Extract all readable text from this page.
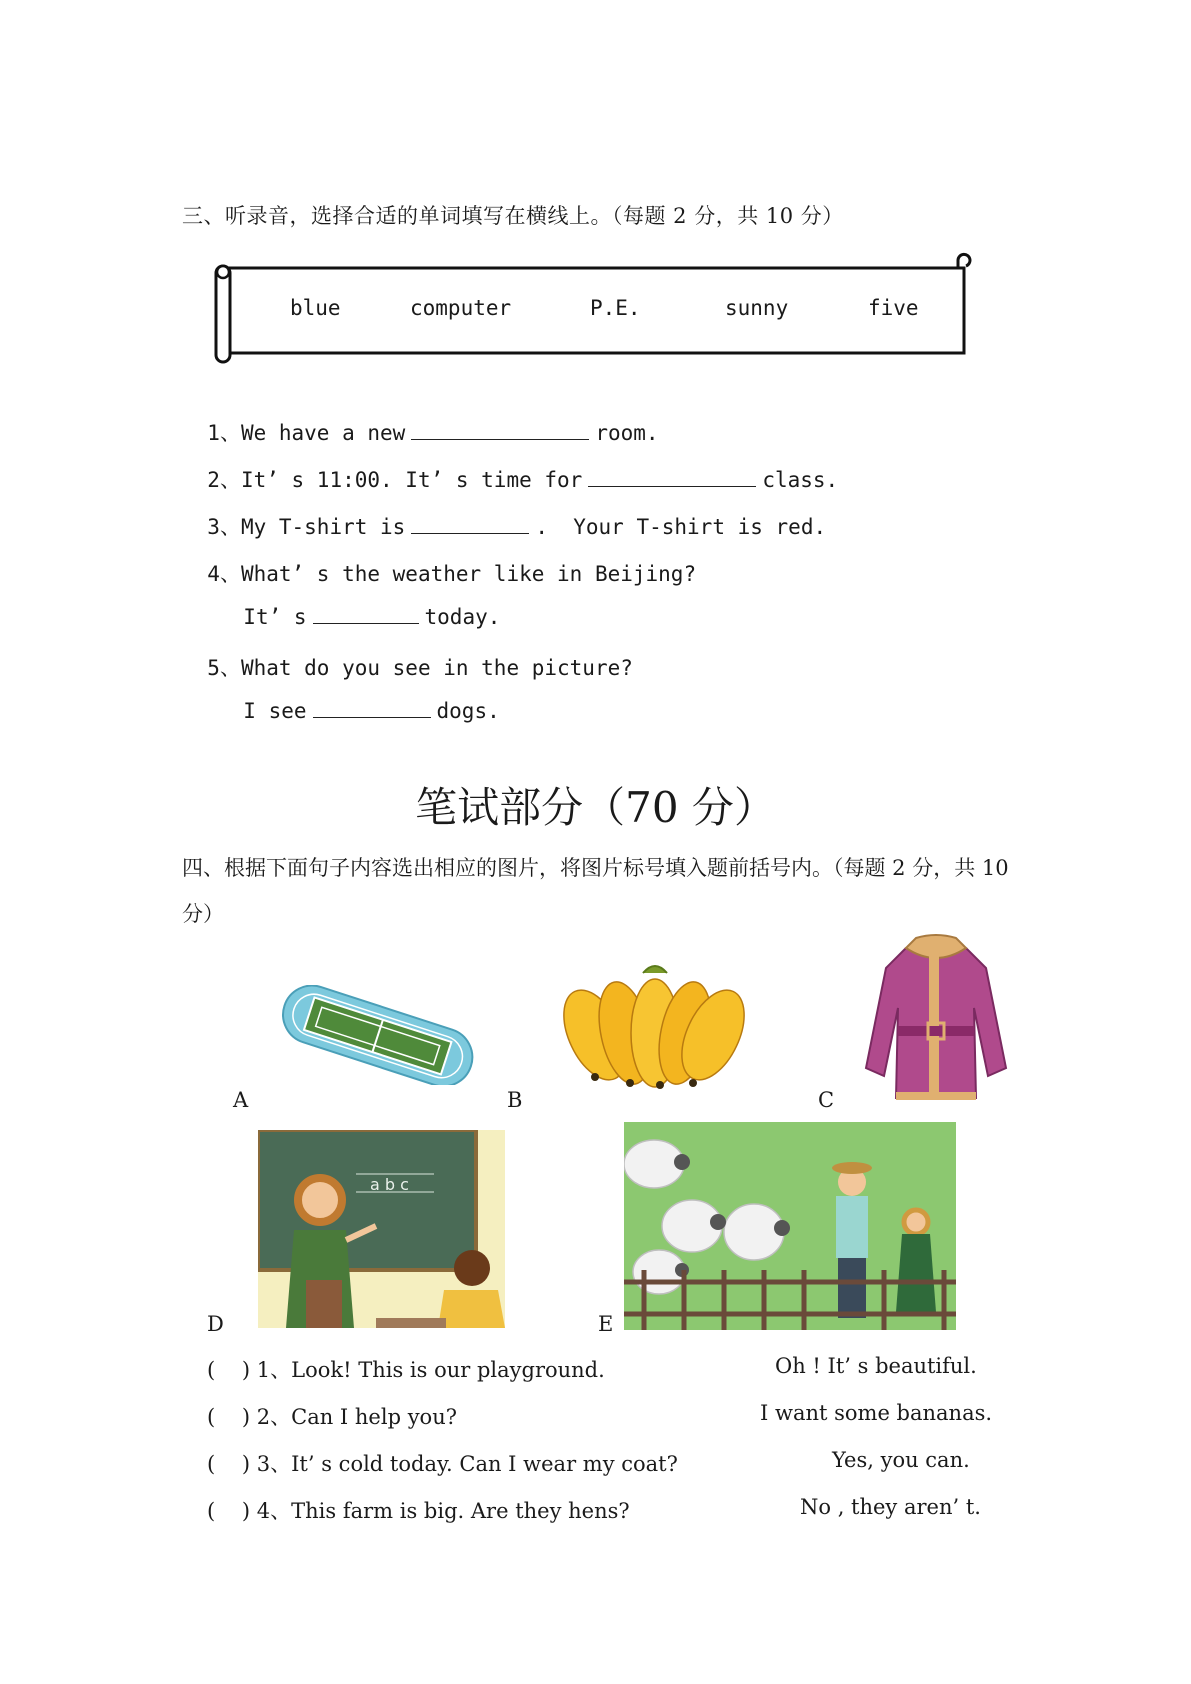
三、听录音，选择合适的单词填写在横线上。（每题 2 分，共 10 分）
blue	computer	P.E.	sunny	five

1、We have a new	room.

2、It’ s 11:00. It’ s time for	class.

3、My T-shirt is	.  Your T-shirt is red.

4、What’ s the weather like in Beijing?

It’ s	today.

5、What do you see in the picture?

I see	dogs.

笔试部分（70 分）
四、根据下面句子内容选出相应的图片，将图片标号填入题前括号内。（每题 2 分，共 10 分）
A	B	C
a b c
D	E
(    ) 1、Look! This is our playground.	Oh ! It’ s beautiful.
(    ) 2、Can I help you?	I want some bananas.
(    ) 3、It’ s cold today. Can I wear my coat?	Yes, you can.
(    ) 4、This farm is big. Are they hens?	No , they aren’ t.
